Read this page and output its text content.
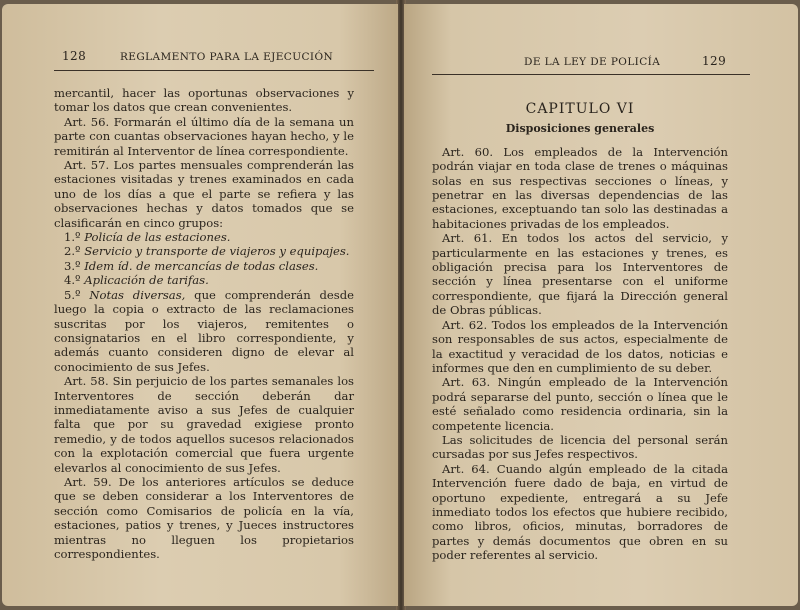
128	REGLAMENTO PARA LA EJECUCIÓN

mercantil, hacer las oportunas observaciones y tomar los datos que crean convenientes.

Art. 56. Formarán el último día de la semana un parte con cuantas observaciones hayan hecho, y le remitirán al Interventor de línea correspondiente.

Art. 57. Los partes mensuales comprenderán las estaciones visitadas y trenes examinados en cada uno de los días a que el parte se refiera y las observaciones hechas y datos tomados que se clasificarán en cinco grupos:

1.º Policía de las estaciones.

2.º Servicio y transporte de viajeros y equipajes.

3.º Idem íd. de mercancías de todas clases.

4.º Aplicación de tarifas.

5.º Notas diversas, que comprenderán desde luego la copia o extracto de las reclamaciones suscritas por los viajeros, remitentes o consignatarios en el libro correspondiente, y además cuanto consideren digno de elevar al conocimiento de sus Jefes.

Art. 58. Sin perjuicio de los partes semanales los Interventores de sección deberán dar inmediatamente aviso a sus Jefes de cualquier falta que por su gravedad exigiese pronto remedio, y de todos aquellos sucesos relacionados con la explotación comercial que fuera urgente elevarlos al conocimiento de sus Jefes.

Art. 59. De los anteriores artículos se deduce que se deben considerar a los Interventores de sección como Comisarios de policía en la vía, estaciones, patios y trenes, y Jueces instructores mientras no lleguen los propietarios correspondientes.

DE LA LEY DE POLICÍA	129
CAPITULO VI
Disposiciones generales

Art. 60. Los empleados de la Intervención podrán viajar en toda clase de trenes o máquinas solas en sus respectivas secciones o líneas, y penetrar en las diversas dependencias de las estaciones, exceptuando tan solo las destinadas a habitaciones privadas de los empleados.

Art. 61. En todos los actos del servicio, y particularmente en las estaciones y trenes, es obligación precisa para los Interventores de sección y línea presentarse con el uniforme correspondiente, que fijará la Dirección general de Obras públicas.

Art. 62. Todos los empleados de la Intervención son responsables de sus actos, especialmente de la exactitud y veracidad de los datos, noticias e informes que den en cumplimiento de su deber.

Art. 63. Ningún empleado de la Intervención podrá separarse del punto, sección o línea que le esté señalado como residencia ordinaria, sin la competente licencia.

Las solicitudes de licencia del personal serán cursadas por sus Jefes respectivos.

Art. 64. Cuando algún empleado de la citada Intervención fuere dado de baja, en virtud de oportuno expediente, entregará a su Jefe inmediato todos los efectos que hubiere recibido, como libros, oficios, minutas, borradores de partes y demás documentos que obren en su poder referentes al servicio.
